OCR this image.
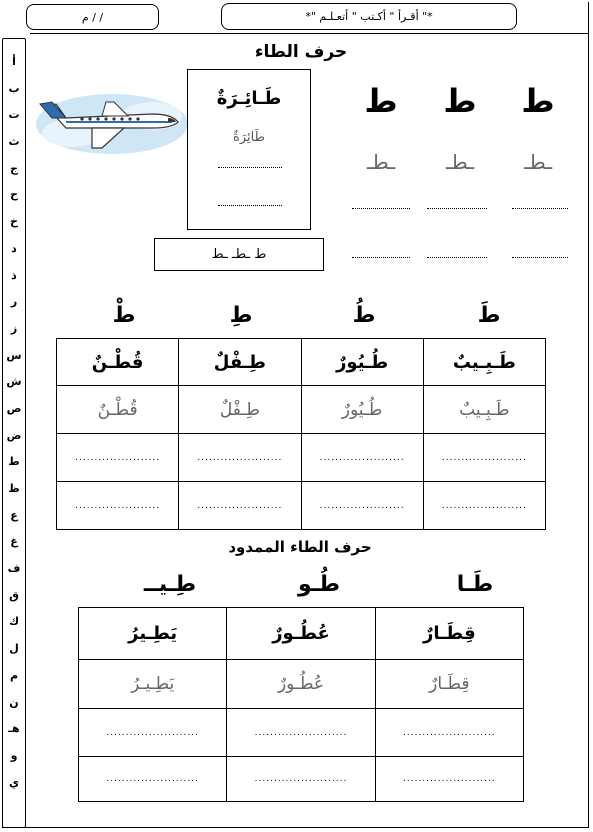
م / /	*" أقـرأ " أكـتب " أتعـلـم "*
أ
ب
ت
ث
ج
ح
خ
د
ذ
ر
ز
س
ش
ص
ض
ط
ظ
ع
غ
ف
ق
ك
ل
م
ن
هـ
و
ي
حرف الطاء
طَـائِـرَةٌ
طَائِرَةٌ
ط ـطـ ـط
ط
ط
ط
ـطـ
ـطـ
ـطـ
طَ
طُ
طِ
طْ
طَـبِـيبٌ	طُـيُورٌ	طِـفْلٌ	قُطْـنٌ
طَـبِـيبٌ	طُـيُورٌ	طِـفْلٌ	قُطْـنٌ
......................	......................	......................	......................
......................	......................	......................	......................
حرف الطاء الممدود
طَـا
طُـو
طِـيــ
قِطَـارٌ	عُطُـورٌ	يَطِـيرُ
قِطَـارٌ	عُطُـورٌ	يَطِـيـرُ
........................	........................	........................
........................	........................	........................
